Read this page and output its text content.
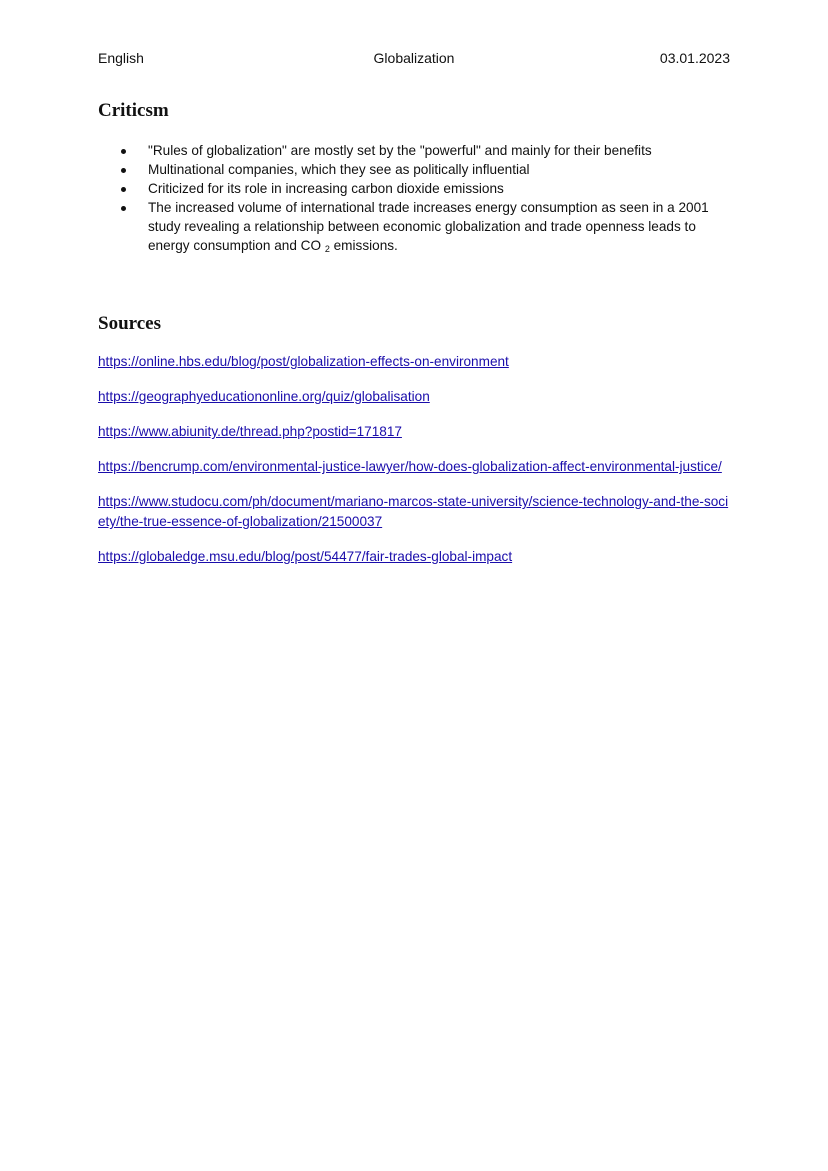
English	Globalization	03.01.2023
Criticsm
"Rules of globalization" are mostly set by the "powerful" and mainly for their benefits
Multinational companies, which they see as politically influential
Criticized for its role in increasing carbon dioxide emissions
The increased volume of international trade increases energy consumption as seen in a 2001 study revealing a relationship between economic globalization and trade openness leads to energy consumption and CO $_2$ emissions.
Sources
https://online.hbs.edu/blog/post/globalization-effects-on-environment
https://geographyeducationonline.org/quiz/globalisation
https://www.abiunity.de/thread.php?postid=171817
https://bencrump.com/environmental-justice-lawyer/how-does-globalization-affect-environmental-justice/
https://www.studocu.com/ph/document/mariano-marcos-state-university/science-technology-and-the-society/the-true-essence-of-globalization/21500037
https://globaledge.msu.edu/blog/post/54477/fair-trades-global-impact
